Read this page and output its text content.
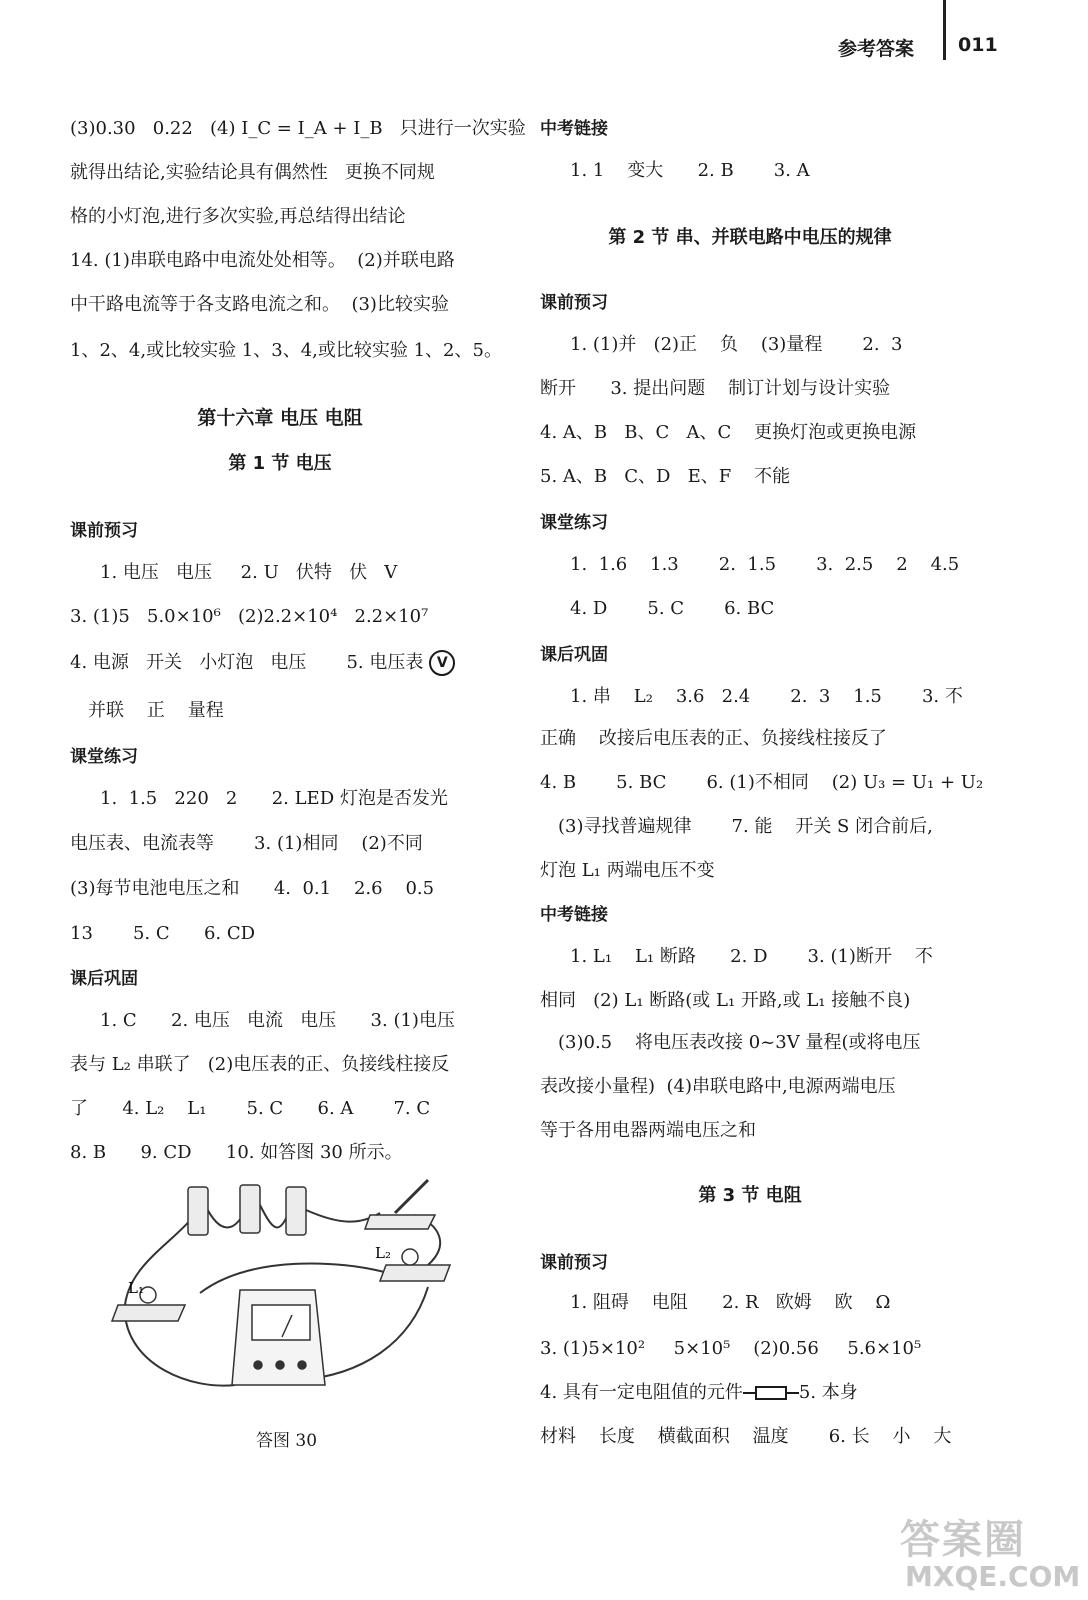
参考答案 011
(3)0.30   0.22   (4) I_C = I_A + I_B   只进行一次实验
就得出结论,实验结论具有偶然性   更换不同规
格的小灯泡,进行多次实验,再总结得出结论
14. (1)串联电路中电流处处相等。  (2)并联电路
中干路电流等于各支路电流之和。  (3)比较实验
1、2、4,或比较实验 1、3、4,或比较实验 1、2、5。
第十六章 电压 电阻
第 1 节 电压
课前预习
1. 电压   电压     2. U   伏特   伏   V
3. (1)5   5.0×10⁶   (2)2.2×10⁴   2.2×10⁷
4. 电源   开关   小灯泡   电压       5. 电压表 V
并联    正    量程
课堂练习
1.  1.5   220   2      2. LED 灯泡是否发光
电压表、电流表等       3. (1)相同    (2)不同
(3)每节电池电压之和      4.  0.1    2.6    0.5
13       5. C      6. CD
课后巩固
1. C      2. 电压   电流   电压      3. (1)电压
表与 L₂ 串联了   (2)电压表的正、负接线柱接反
了      4. L₂    L₁       5. C      6. A       7. C
8. B      9. CD      10. 如答图 30 所示。
L₁
L₂
答图 30
中考链接
1. 1    变大      2. B       3. A
第 2 节 串、并联电路中电压的规律
课前预习
1. (1)并   (2)正    负    (3)量程       2.  3
断开      3. 提出问题    制订计划与设计实验
4. A、B   B、C   A、C    更换灯泡或更换电源
5. A、B   C、D   E、F    不能
课堂练习
1.  1.6    1.3       2.  1.5       3.  2.5    2    4.5
4. D       5. C       6. BC
课后巩固
1. 串    L₂    3.6   2.4       2.  3    1.5       3. 不
正确    改接后电压表的正、负接线柱接反了
4. B       5. BC       6. (1)不相同    (2) U₃ = U₁ + U₂
(3)寻找普遍规律       7. 能    开关 S 闭合前后,
灯泡 L₁ 两端电压不变
中考链接
1. L₁    L₁ 断路      2. D       3. (1)断开    不
相同   (2) L₁ 断路(或 L₁ 开路,或 L₁ 接触不良)
(3)0.5    将电压表改接 0~3V 量程(或将电压
表改接小量程)  (4)串联电路中,电源两端电压
等于各用电器两端电压之和
第 3 节 电阻
课前预习
1. 阻碍    电阻      2. R   欧姆    欧    Ω
3. (1)5×10²     5×10⁵    (2)0.56     5.6×10⁵
4. 具有一定电阻值的元件	5. 本身
材料    长度    横截面积    温度       6. 长    小    大
答案圈
MXQE.COM
